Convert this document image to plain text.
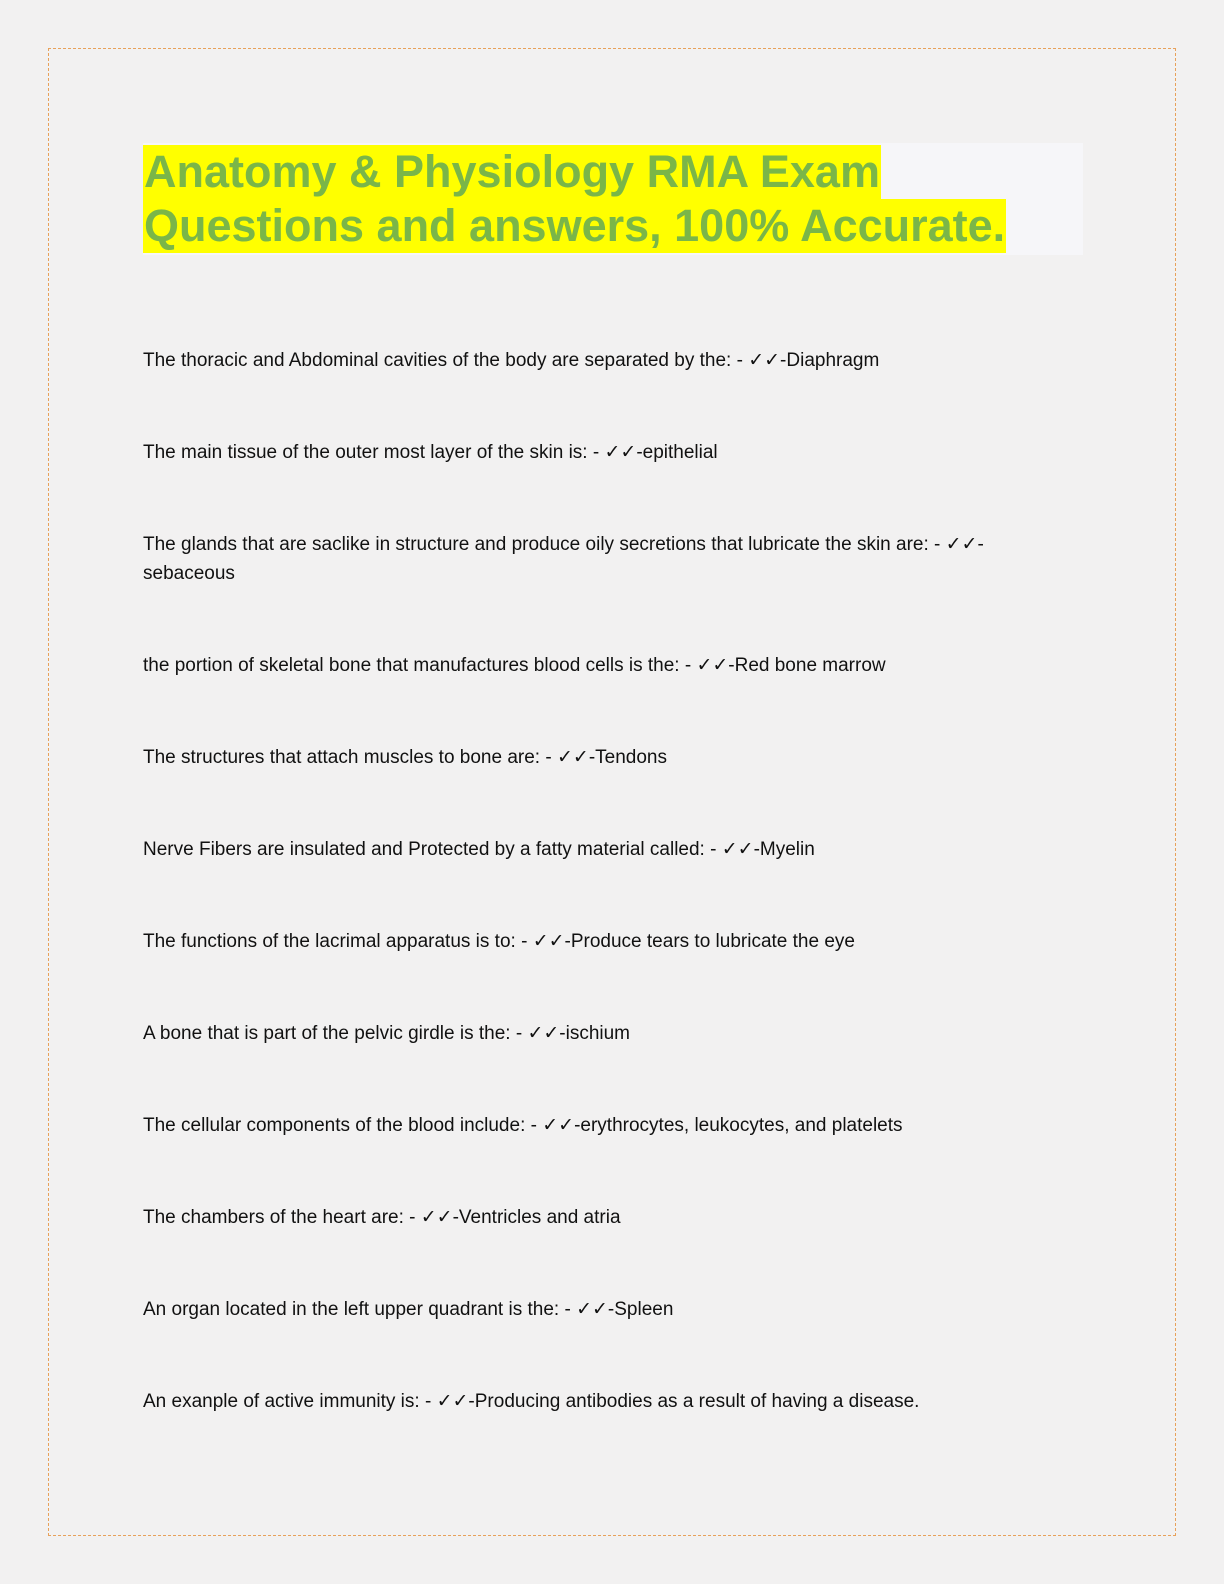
Anatomy & Physiology RMA Exam
Questions and answers, 100% Accurate.

The thoracic and Abdominal cavities of the body are separated by the: - ✓✓-Diaphragm

The main tissue of the outer most layer of the skin is: - ✓✓-epithelial

The glands that are saclike in structure and produce oily secretions that lubricate the skin are: - ✓✓-sebaceous

the portion of skeletal bone that manufactures blood cells is the: - ✓✓-Red bone marrow

The structures that attach muscles to bone are: - ✓✓-Tendons

Nerve Fibers are insulated and Protected by a fatty material called: - ✓✓-Myelin

The functions of the lacrimal apparatus is to: - ✓✓-Produce tears to lubricate the eye

A bone that is part of the pelvic girdle is the: - ✓✓-ischium

The cellular components of the blood include: - ✓✓-erythrocytes, leukocytes, and platelets

The chambers of the heart are: - ✓✓-Ventricles and atria

An organ located in the left upper quadrant is the: - ✓✓-Spleen

An exanple of active immunity is: - ✓✓-Producing antibodies as a result of having a disease.
